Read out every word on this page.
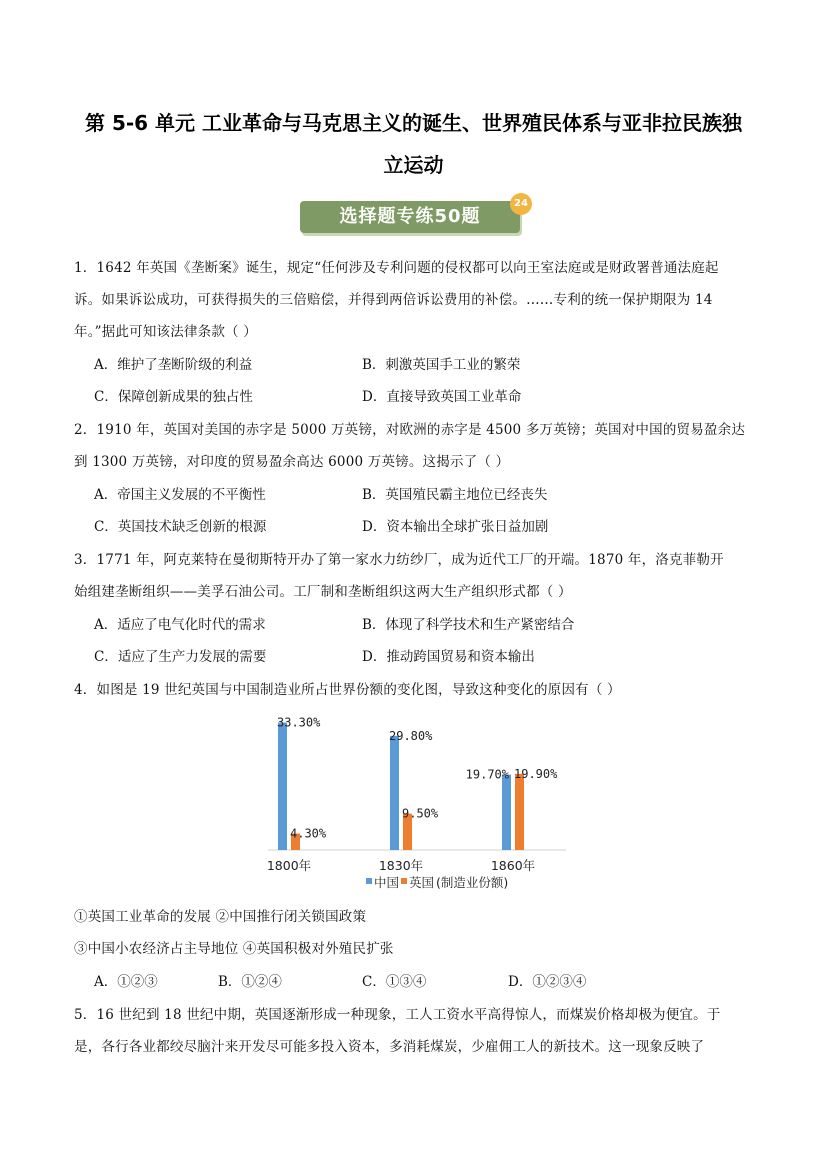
第 5-6 单元 工业革命与马克思主义的诞生、世界殖民体系与亚非拉民族独
立运动
选择题专练50题
24
1．1642 年英国《垄断案》诞生，规定“任何涉及专利问题的侵权都可以向王室法庭或是财政署普通法庭起
诉。如果诉讼成功，可获得损失的三倍赔偿，并得到两倍诉讼费用的补偿。……专利的统一保护期限为 14
年。”据此可知该法律条款（ ）
A．维护了垄断阶级的利益	B．刺激英国手工业的繁荣
C．保障创新成果的独占性	D．直接导致英国工业革命
2．1910 年，英国对美国的赤字是 5000 万英镑，对欧洲的赤字是 4500 多万英镑；英国对中国的贸易盈余达
到 1300 万英镑，对印度的贸易盈余高达 6000 万英镑。这揭示了（ ）
A．帝国主义发展的不平衡性	B．英国殖民霸主地位已经丧失
C．英国技术缺乏创新的根源	D．资本输出全球扩张日益加剧
3．1771 年，阿克莱特在曼彻斯特开办了第一家水力纺纱厂，成为近代工厂的开端。1870 年，洛克菲勒开
始组建垄断组织——美孚石油公司。工厂制和垄断组织这两大生产组织形式都（ ）
A．适应了电气化时代的需求	B．体现了科学技术和生产紧密结合
C．适应了生产力发展的需要	D．推动跨国贸易和资本输出
4．如图是 19 世纪英国与中国制造业所占世界份额的变化图，导致这种变化的原因有（ ）
33.30%
4.30%
29.80%
9.50%
19.70% 19.90%
1800年	1830年	1860年
中国 英国 (制造业份额)
①英国工业革命的发展 ②中国推行闭关锁国政策
③中国小农经济占主导地位 ④英国积极对外殖民扩张
A．①②③	B．①②④	C．①③④	D．①②③④
5．16 世纪到 18 世纪中期，英国逐渐形成一种现象，工人工资水平高得惊人，而煤炭价格却极为便宜。于
是，各行各业都绞尽脑汁来开发尽可能多投入资本，多消耗煤炭，少雇佣工人的新技术。这一现象反映了
